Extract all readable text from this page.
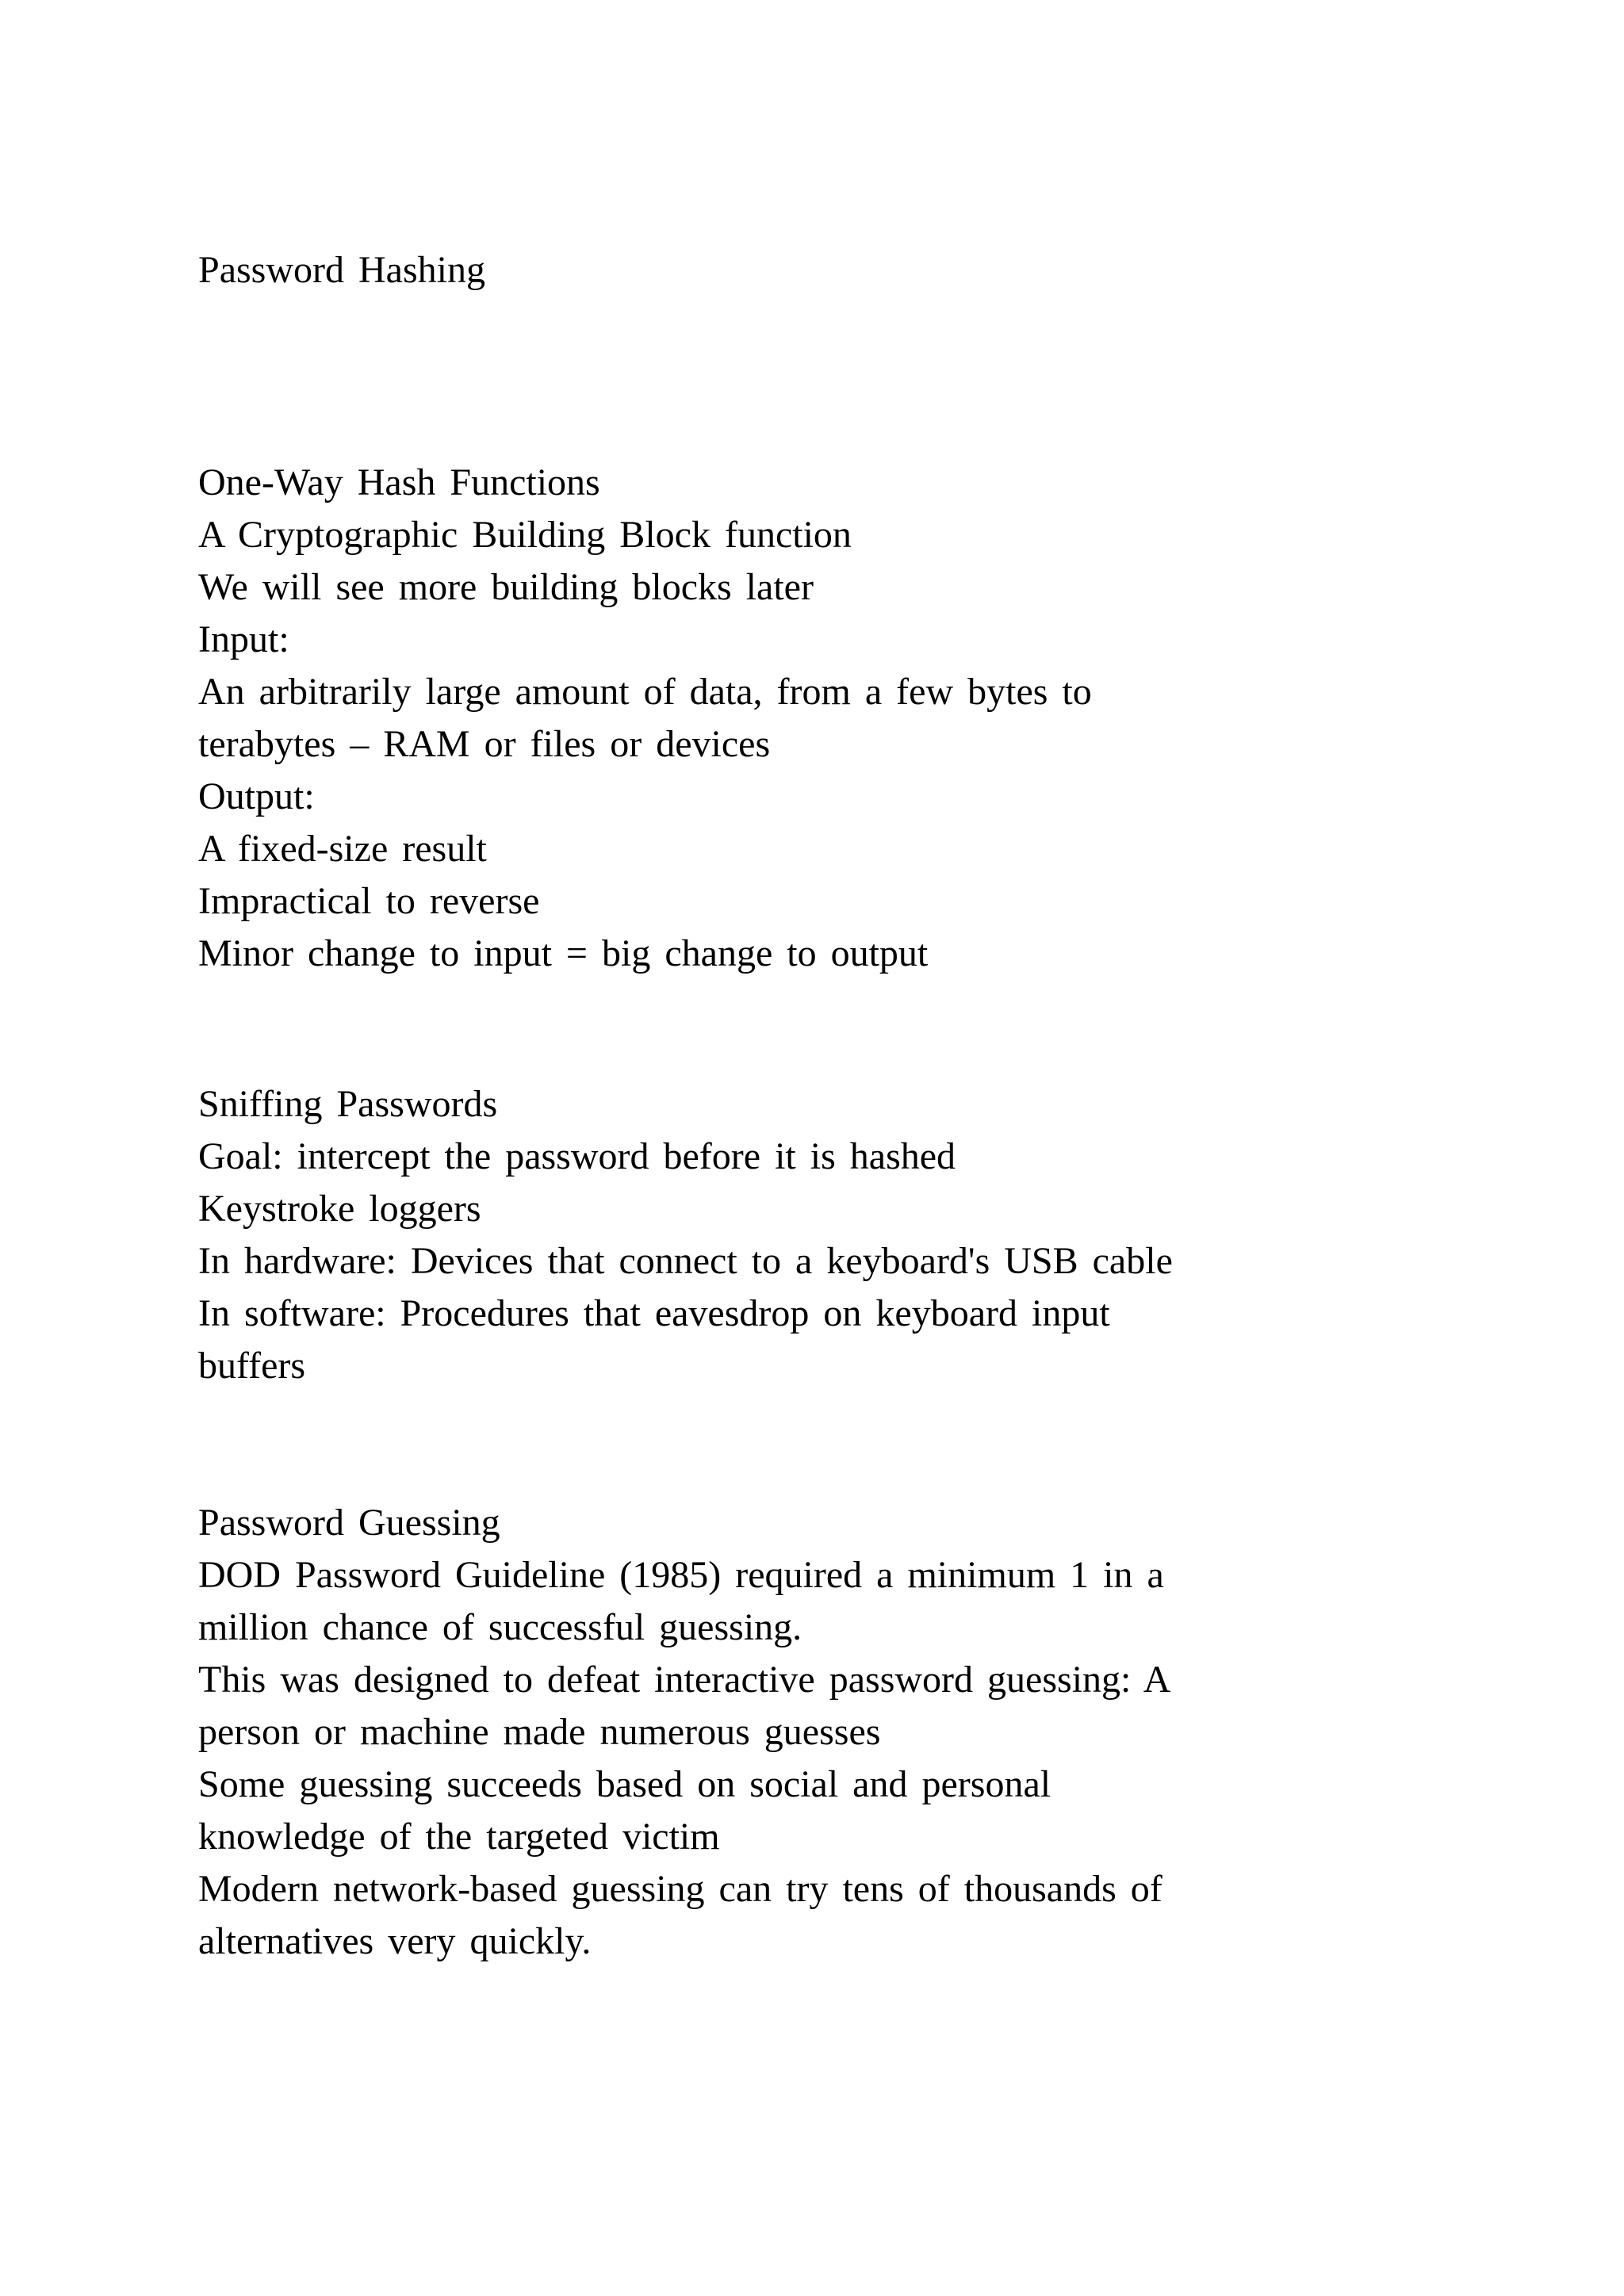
Password Hashing
One-Way Hash Functions
A Cryptographic Building Block function
We will see more building blocks later
Input:
An arbitrarily large amount of data, from a few bytes to
terabytes – RAM or files or devices
Output:
A fixed-size result
Impractical to reverse
Minor change to input = big change to output
Sniffing Passwords
Goal: intercept the password before it is hashed
Keystroke loggers
In hardware: Devices that connect to a keyboard's USB cable
In software: Procedures that eavesdrop on keyboard input
buffers
Password Guessing
DOD Password Guideline (1985) required a minimum 1 in a
million chance of successful guessing.
This was designed to defeat interactive password guessing: A
person or machine made numerous guesses
Some guessing succeeds based on social and personal
knowledge of the targeted victim
Modern network-based guessing can try tens of thousands of
alternatives very quickly.
